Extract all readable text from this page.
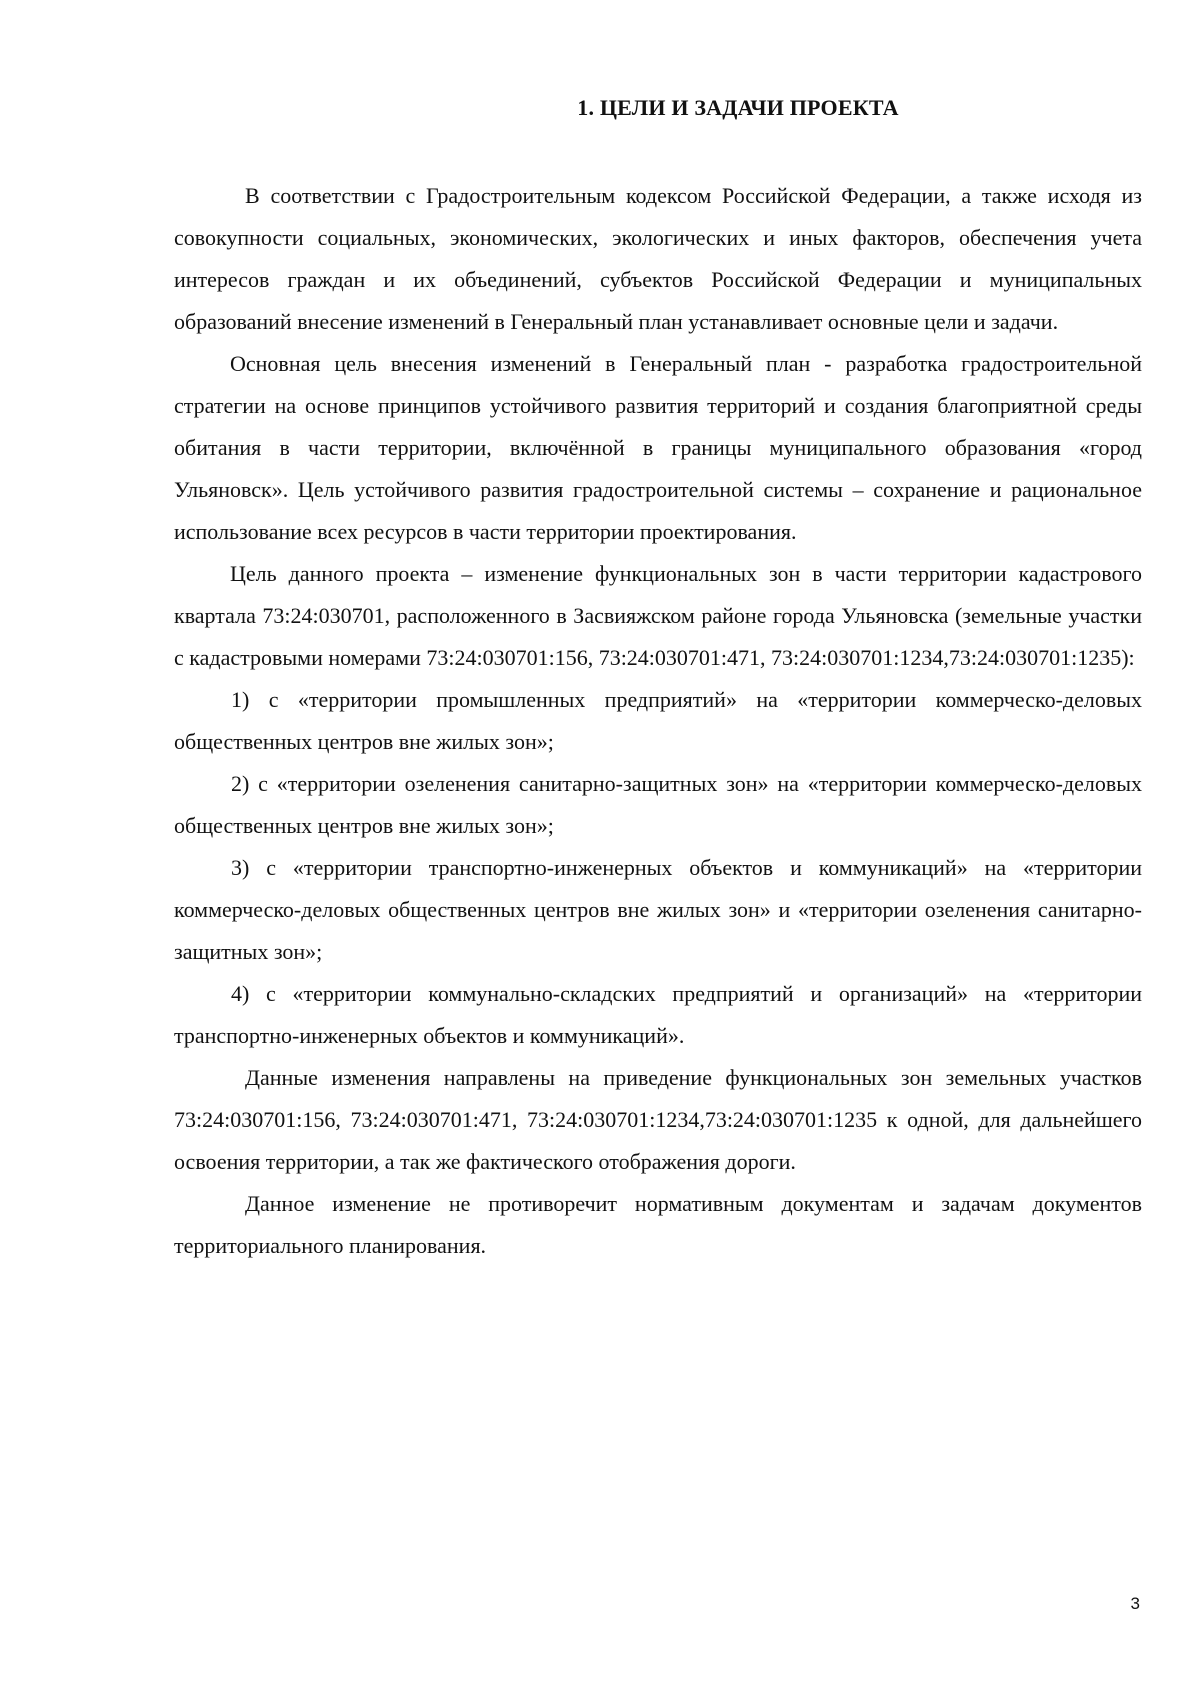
1. ЦЕЛИ И ЗАДАЧИ ПРОЕКТА

В соответствии с Градостроительным кодексом Российской Федерации, а также исходя из совокупности социальных, экономических, экологических и иных факторов, обеспечения учета интересов граждан и их объединений, субъектов Российской Федерации и муниципальных образований внесение изменений в Генеральный план устанавливает основные цели и задачи.

Основная цель внесения изменений в Генеральный план - разработка градостроительной стратегии на основе принципов устойчивого развития территорий и создания благоприятной среды обитания в части территории, включённой в границы муниципального образования «город Ульяновск». Цель устойчивого развития градостроительной системы – сохранение и рациональное использование всех ресурсов в части территории проектирования.

Цель данного проекта – изменение функциональных зон в части территории кадастрового квартала 73:24:030701, расположенного в Засвияжском районе города Ульяновска (земельные участки с кадастровыми номерами 73:24:030701:156, 73:24:030701:471, 73:24:030701:1234,73:24:030701:1235):

1) с «территории промышленных предприятий» на «территории коммерческо-деловых общественных центров вне жилых зон»;

2) с «территории озеленения санитарно-защитных зон» на «территории коммерческо-деловых общественных центров вне жилых зон»;

3) с «территории транспортно-инженерных объектов и коммуникаций» на «территории коммерческо-деловых общественных центров вне жилых зон» и «территории озеленения санитарно-защитных зон»;

4) с «территории коммунально-складских предприятий и организаций» на «территории транспортно-инженерных объектов и коммуникаций».

Данные изменения направлены на приведение функциональных зон земельных участков 73:24:030701:156, 73:24:030701:471, 73:24:030701:1234,73:24:030701:1235 к одной, для дальнейшего освоения территории, а так же фактического отображения дороги.

Данное изменение не противоречит нормативным документам и задачам документов территориального планирования.

3
